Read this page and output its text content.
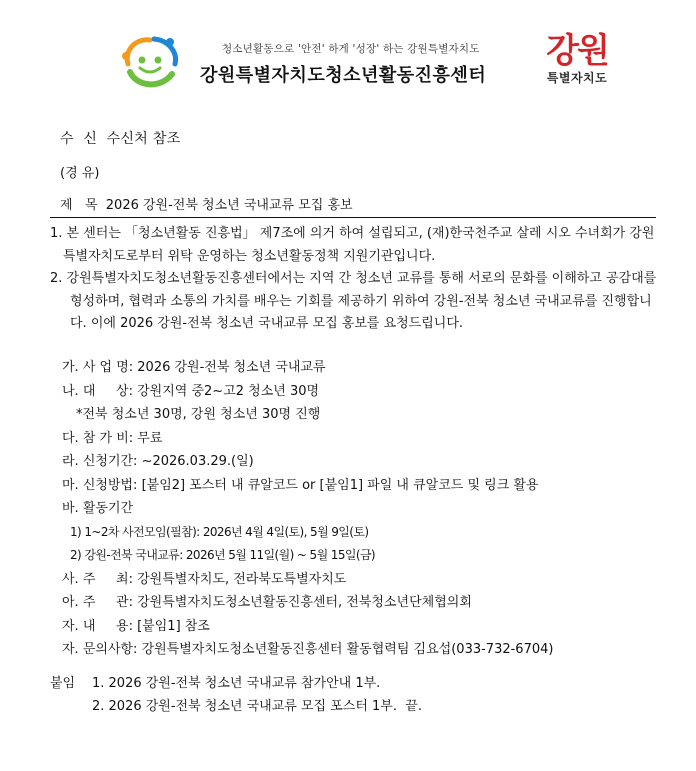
청소년활동으로 '안전' 하게 '성장' 하는 강원특별자치도
강원특별자치도청소년활동진흥센터
강원
특별자치도
수  신  수신처 참조
(경 유)
제   목  2026 강원-전북 청소년 국내교류 모집 홍보

1. 본 센터는 「청소년활동 진흥법」 제7조에 의거 하여 설립되고, (재)한국천주교 살레 시오 수녀회가 강원특별자치도로부터 위탁 운영하는 청소년활동정책 지원기관입니다.

2. 강원특별자치도청소년활동진흥센터에서는 지역 간 청소년 교류를 통해 서로의 문화를 이해하고 공감대를 형성하며, 협력과 소통의 가치를 배우는 기회를 제공하기 위하여 강원-전북 청소년 국내교류를 진행합니다. 이에 2026 강원-전북 청소년 국내교류 모집 홍보를 요청드립니다.

가. 사 업 명: 2026 강원-전북 청소년 국내교류
나. 대     상: 강원지역 중2~고2 청소년 30명
*전북 청소년 30명, 강원 청소년 30명 진행
다. 참 가 비: 무료
라. 신청기간: ~2026.03.29.(일)
마. 신청방법: [붙임2] 포스터 내 큐알코드 or [붙임1] 파일 내 큐알코드 및 링크 활용
바. 활동기간
1) 1~2차 사전모임(필참): 2026년 4월 4일(토), 5월 9일(토)
2) 강원-전북 국내교류: 2026년 5월 11일(월) ~ 5월 15일(금)
사. 주     최: 강원특별자치도, 전라북도특별자치도
아. 주     관: 강원특별자치도청소년활동진흥센터, 전북청소년단체협의회
자. 내     용: [붙임1] 참조
자. 문의사항: 강원특별자치도청소년활동진흥센터 활동협력팀 김요섭(033-732-6704)
붙임 1. 2026 강원-전북 청소년 국내교류 참가안내 1부.
2. 2026 강원-전북 청소년 국내교류 모집 포스터 1부.  끝.
